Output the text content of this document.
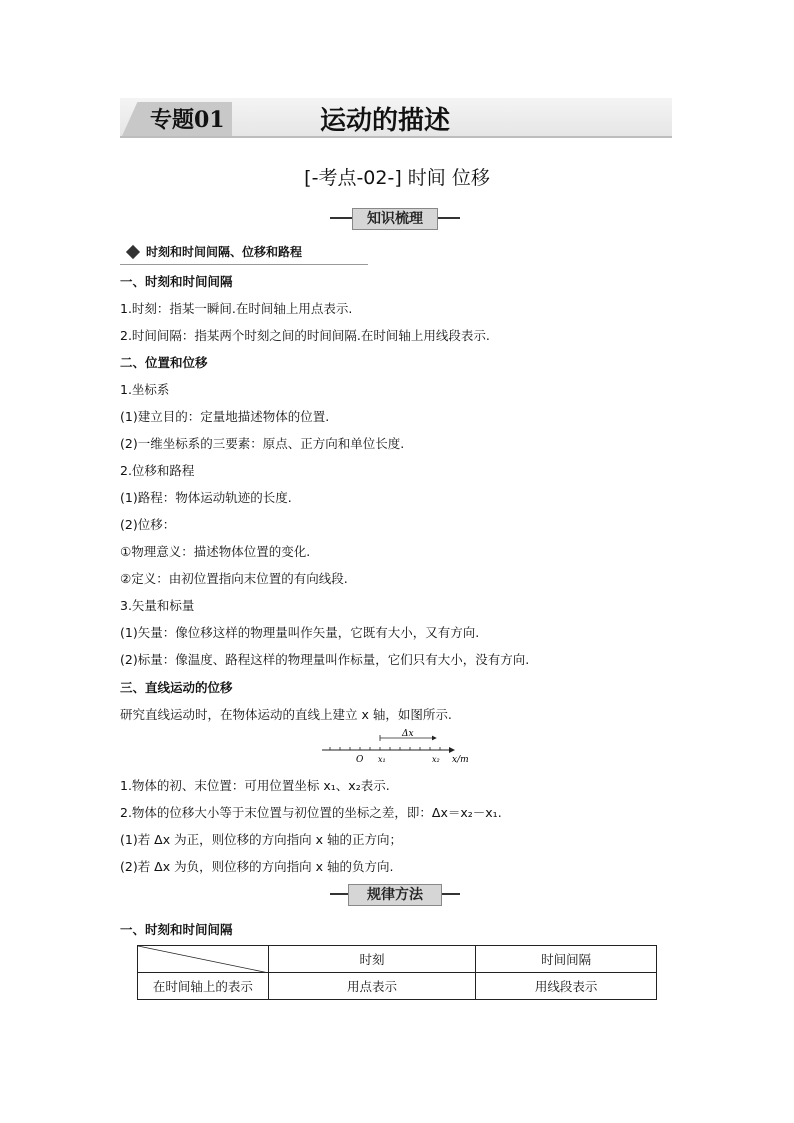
专题01	运动的描述
[-考点-02-] 时间 位移
知识梳理
时刻和时间间隔、位移和路程
一、时刻和时间间隔
1.时刻：指某一瞬间.在时间轴上用点表示.
2.时间间隔：指某两个时刻之间的时间间隔.在时间轴上用线段表示.
二、位置和位移
1.坐标系
(1)建立目的：定量地描述物体的位置.
(2)一维坐标系的三要素：原点、正方向和单位长度.
2.位移和路程
(1)路程：物体运动轨迹的长度.
(2)位移：
①物理意义：描述物体位置的变化.
②定义：由初位置指向末位置的有向线段.
3.矢量和标量
(1)矢量：像位移这样的物理量叫作矢量，它既有大小，又有方向.
(2)标量：像温度、路程这样的物理量叫作标量，它们只有大小，没有方向.
三、直线运动的位移
研究直线运动时，在物体运动的直线上建立 x 轴，如图所示.
Δx
O x₁	x₂ x/m
1.物体的初、末位置：可用位置坐标 x₁、x₂表示.
2.物体的位移大小等于末位置与初位置的坐标之差，即：Δx＝x₂－x₁.
(1)若 Δx 为正，则位移的方向指向 x 轴的正方向；
(2)若 Δx 为负，则位移的方向指向 x 轴的负方向.
规律方法
一、时刻和时间间隔
	时刻	时间间隔
在时间轴上的表示	用点表示	用线段表示
